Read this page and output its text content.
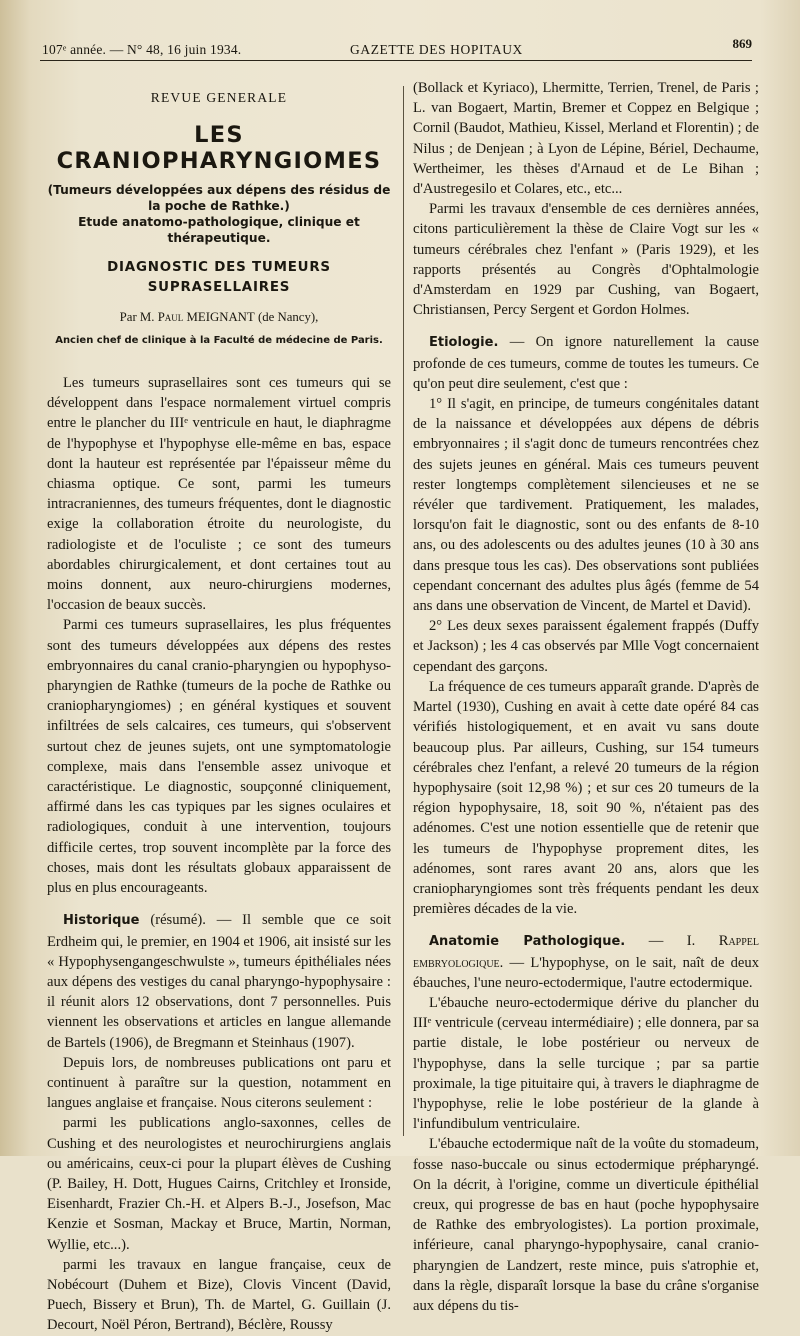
107ᵉ année. — N° 48, 16 juin 1934.	GAZETTE DES HOPITAUX	869
REVUE GENERALE
LES CRANIOPHARYNGIOMES
(Tumeurs développées aux dépens des résidus de la poche de Rathke.)
Etude anatomo-pathologique, clinique et thérapeutique.
DIAGNOSTIC DES TUMEURS SUPRASELLAIRES
Par M. Paul MEIGNANT (de Nancy),
Ancien chef de clinique à la Faculté de médecine de Paris.

Les tumeurs suprasellaires sont ces tumeurs qui se développent dans l'espace normalement virtuel compris entre le plancher du IIIᵉ ventricule en haut, le diaphragme de l'hypophyse et l'hypophyse elle-même en bas, espace dont la hauteur est représentée par l'épaisseur même du chiasma optique. Ce sont, parmi les tumeurs intracraniennes, des tumeurs fréquentes, dont le diagnostic exige la collaboration étroite du neurologiste, du radiologiste et de l'oculiste ; ce sont des tumeurs abordables chirurgicalement, et dont certaines tout au moins donnent, aux neuro-chirurgiens modernes, l'occasion de beaux succès.

Parmi ces tumeurs suprasellaires, les plus fréquentes sont des tumeurs développées aux dépens des restes embryonnaires du canal cranio-pharyngien ou hypophyso-pharyngien de Rathke (tumeurs de la poche de Rathke ou craniopharyngiomes) ; en général kystiques et souvent infiltrées de sels calcaires, ces tumeurs, qui s'observent surtout chez de jeunes sujets, ont une symptomatologie complexe, mais dans l'ensemble assez univoque et caractéristique. Le diagnostic, soupçonné cliniquement, affirmé dans les cas typiques par les signes oculaires et radiologiques, conduit à une intervention, toujours difficile certes, trop souvent incomplète par la force des choses, mais dont les résultats globaux apparaissent de plus en plus encourageants.

Historique (résumé). — Il semble que ce soit Erdheim qui, le premier, en 1904 et 1906, ait insisté sur les « Hypophysengangeschwulste », tumeurs épithéliales nées aux dépens des vestiges du canal pharyngo-hypophysaire : il réunit alors 12 observations, dont 7 personnelles. Puis viennent les observations et articles en langue allemande de Bartels (1906), de Bregmann et Steinhaus (1907).

Depuis lors, de nombreuses publications ont paru et continuent à paraître sur la question, notamment en langues anglaise et française. Nous citerons seulement :

parmi les publications anglo-saxonnes, celles de Cushing et des neurologistes et neurochirurgiens anglais ou américains, ceux-ci pour la plupart élèves de Cushing (P. Bailey, H. Dott, Hugues Cairns, Critchley et Ironside, Eisenhardt, Frazier Ch.-H. et Alpers B.-J., Josefson, Mac Kenzie et Sosman, Mackay et Bruce, Martin, Norman, Wyllie, etc...).

parmi les travaux en langue française, ceux de Nobécourt (Duhem et Bize), Clovis Vincent (David, Puech, Bissery et Brun), Th. de Martel, G. Guillain (J. Decourt, Noël Péron, Bertrand), Béclère, Roussy

(Bollack et Kyriaco), Lhermitte, Terrien, Trenel, de Paris ; L. van Bogaert, Martin, Bremer et Coppez en Belgique ; Cornil (Baudot, Mathieu, Kissel, Merland et Florentin) ; de Nilus ; de Denjean ; à Lyon de Lépine, Bériel, Dechaume, Wertheimer, les thèses d'Arnaud et de Le Bihan ; d'Austregesilo et Colares, etc., etc...

Parmi les travaux d'ensemble de ces dernières années, citons particulièrement la thèse de Claire Vogt sur les « tumeurs cérébrales chez l'enfant » (Paris 1929), et les rapports présentés au Congrès d'Ophtalmologie d'Amsterdam en 1929 par Cushing, van Bogaert, Christiansen, Percy Sergent et Gordon Holmes.

Etiologie. — On ignore naturellement la cause profonde de ces tumeurs, comme de toutes les tumeurs. Ce qu'on peut dire seulement, c'est que :

1° Il s'agit, en principe, de tumeurs congénitales datant de la naissance et développées aux dépens de débris embryonnaires ; il s'agit donc de tumeurs rencontrées chez des sujets jeunes en général. Mais ces tumeurs peuvent rester longtemps complètement silencieuses et ne se révéler que tardivement. Pratiquement, les malades, lorsqu'on fait le diagnostic, sont ou des enfants de 8-10 ans, ou des adolescents ou des adultes jeunes (10 à 30 ans dans presque tous les cas). Des observations sont publiées cependant concernant des adultes plus âgés (femme de 54 ans dans une observation de Vincent, de Martel et David).

2° Les deux sexes paraissent également frappés (Duffy et Jackson) ; les 4 cas observés par Mlle Vogt concernaient cependant des garçons.

La fréquence de ces tumeurs apparaît grande. D'après de Martel (1930), Cushing en avait à cette date opéré 84 cas vérifiés histologiquement, et en avait vu sans doute beaucoup plus. Par ailleurs, Cushing, sur 154 tumeurs cérébrales chez l'enfant, a relevé 20 tumeurs de la région hypophysaire (soit 12,98 %) ; et sur ces 20 tumeurs de la région hypophysaire, 18, soit 90 %, n'étaient pas des adénomes. C'est une notion essentielle que de retenir que les tumeurs de l'hypophyse proprement dites, les adénomes, sont rares avant 20 ans, alors que les craniopharyngiomes sont très fréquents pendant les deux premières décades de la vie.

Anatomie Pathologique. — I. Rappel embryologique. — L'hypophyse, on le sait, naît de deux ébauches, l'une neuro-ectodermique, l'autre ectodermique.

L'ébauche neuro-ectodermique dérive du plancher du IIIᵉ ventricule (cerveau intermédiaire) ; elle donnera, par sa partie distale, le lobe postérieur ou nerveux de l'hypophyse, dans la selle turcique ; par sa partie proximale, la tige pituitaire qui, à travers le diaphragme de l'hypophyse, relie le lobe postérieur de la glande à l'infundibulum ventriculaire.

L'ébauche ectodermique naît de la voûte du stomadeum, fosse naso-buccale ou sinus ectodermique prépharyngé. On la décrit, à l'origine, comme un diverticule épithélial creux, qui progresse de bas en haut (poche hypophysaire de Rathke des embryologistes). La portion proximale, inférieure, canal pharyngo-hypophysaire, canal cranio-pharyngien de Landzert, reste mince, puis s'atrophie et, dans la règle, disparaît lorsque la base du crâne s'organise aux dépens du tis-
